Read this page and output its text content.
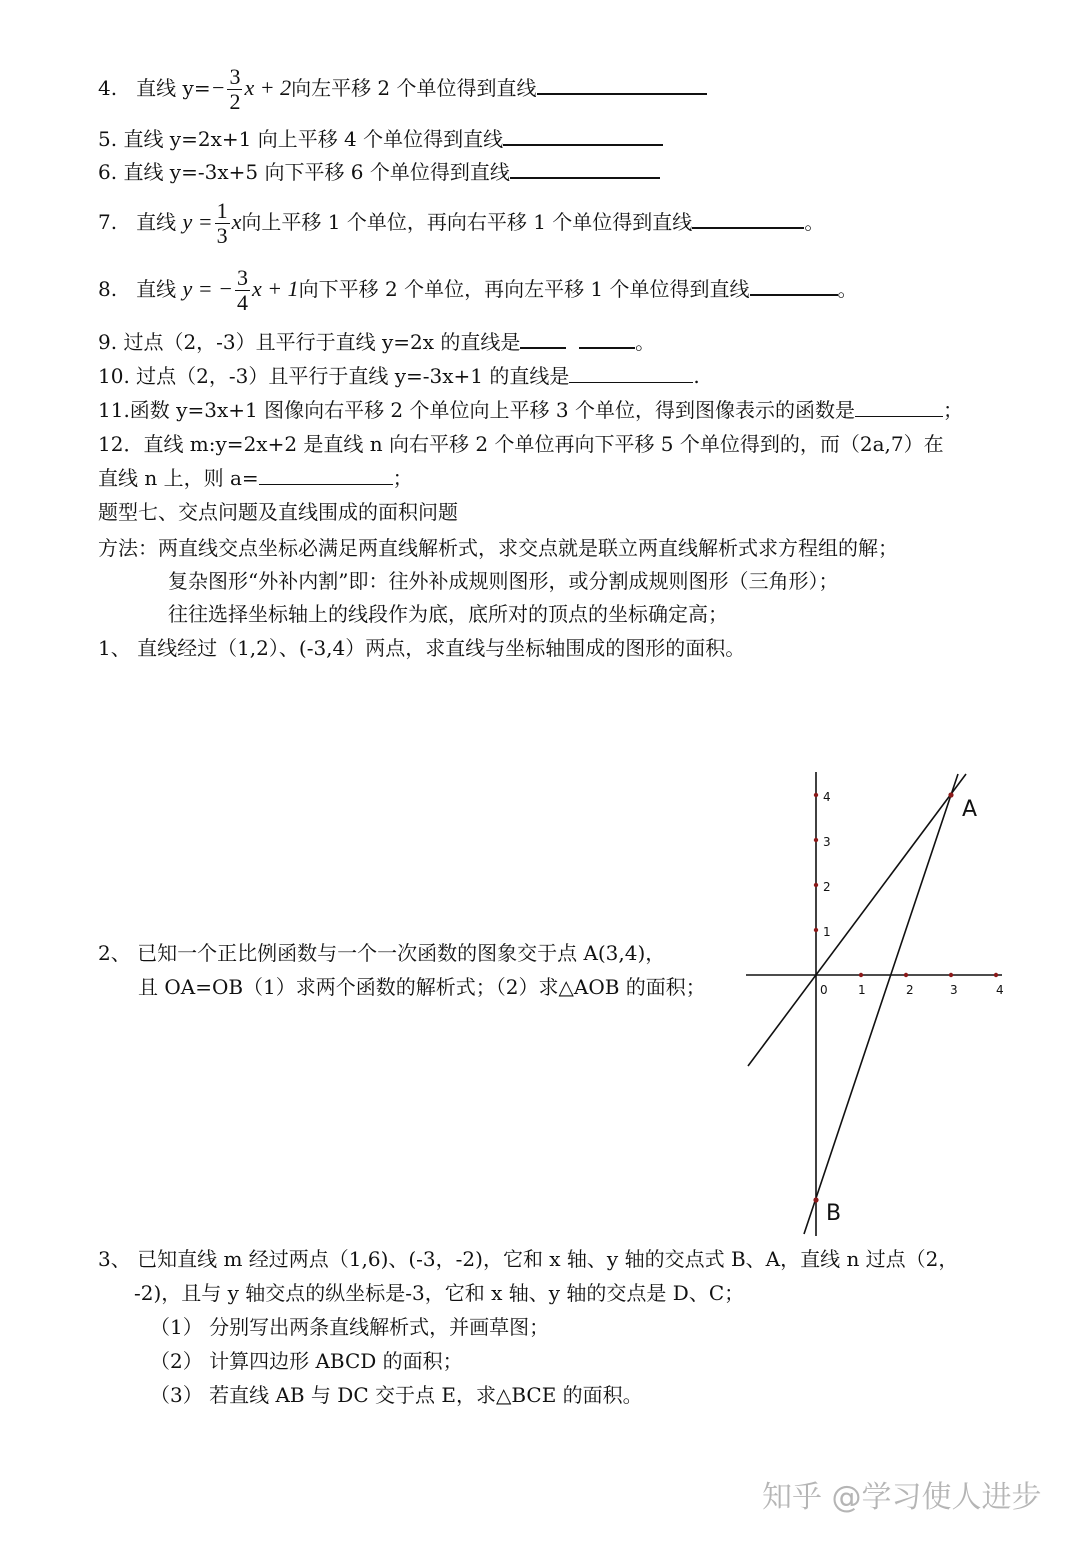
4. 直线 $y=- \frac{3}{2}$ x + 2向左平移 2 个单位得到直线
5. 直线 y=2x+1 向上平移 4 个单位得到直线
6. 直线 y=-3x+5 向下平移 6 个单位得到直线
7. 直线 $y = \frac{1}{3}$ x向上平移 1 个单位，再向右平移 1 个单位得到直线	。
8. 直线 y = − $\frac{3}{4}$ x + 1向下平移 2 个单位，再向左平移 1 个单位得到直线	。
9. 过点（2，-3）且平行于直线 y=2x 的直线是	。
10. 过点（2，-3）且平行于直线 y=-3x+1 的直线是	.
11.函数 y=3x+1 图像向右平移 2 个单位向上平移 3 个单位，得到图像表示的函数是	；
12．直线 m:y=2x+2 是直线 n 向右平移 2 个单位再向下平移 5 个单位得到的，而（2a,7）在
直线 n 上，则 a=	；
题型七、交点问题及直线围成的面积问题
方法：两直线交点坐标必满足两直线解析式，求交点就是联立两直线解析式求方程组的解；
复杂图形“外补内割”即：往外补成规则图形，或分割成规则图形（三角形）；
往往选择坐标轴上的线段作为底，底所对的顶点的坐标确定高；
1、 直线经过（1,2）、(-3,4）两点，求直线与坐标轴围成的图形的面积。
2、 已知一个正比例函数与一个一次函数的图象交于点 A(3,4)，
且 OA=OB（1）求两个函数的解析式；（2）求△AOB 的面积；	0	1	2	3	4
1
2
3
4	A
B
3、 已知直线 m 经过两点（1,6)、(-3，-2)，它和 x 轴、y 轴的交点式 B、A，直线 n 过点（2，
-2)，且与 y 轴交点的纵坐标是-3，它和 x 轴、y 轴的交点是 D、C；
（1） 分别写出两条直线解析式，并画草图；
（2） 计算四边形 ABCD 的面积；
（3） 若直线 AB 与 DC 交于点 E，求△BCE 的面积。
知乎 @学习使人进步
